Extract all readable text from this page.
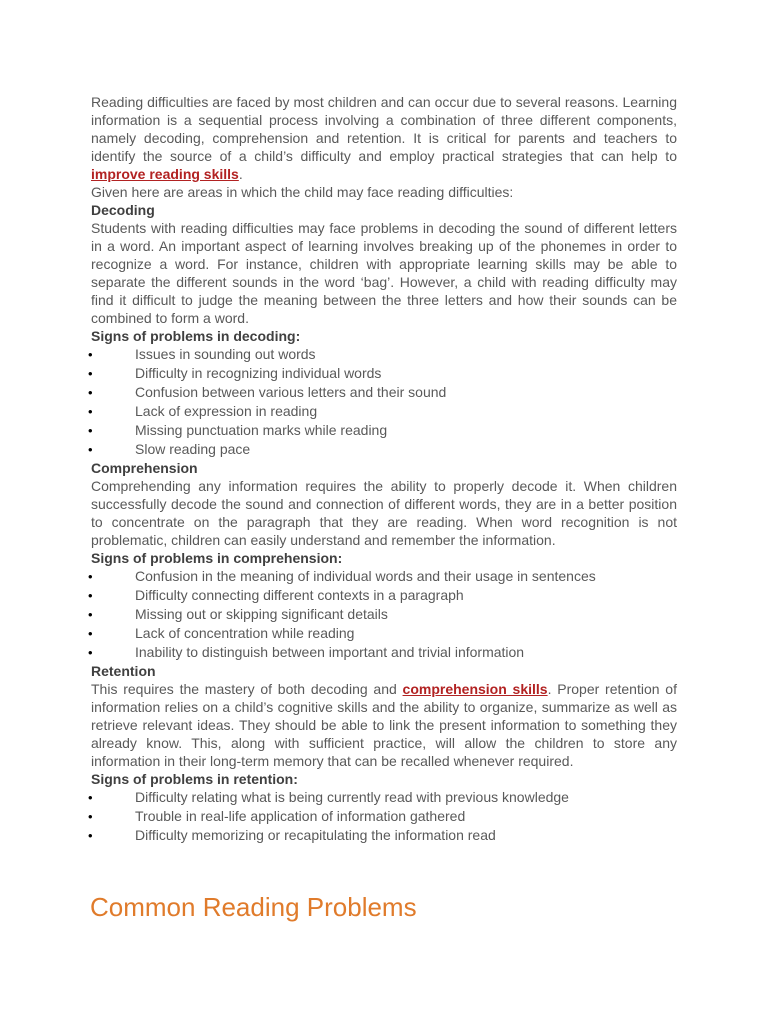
Reading difficulties are faced by most children and can occur due to several reasons. Learning information is a sequential process involving a combination of three different components, namely decoding, comprehension and retention. It is critical for parents and teachers to identify the source of a child’s difficulty and employ practical strategies that can help to improve reading skills.

Given here are areas in which the child may face reading difficulties:

Decoding

Students with reading difficulties may face problems in decoding the sound of different letters in a word. An important aspect of learning involves breaking up of the phonemes in order to recognize a word. For instance, children with appropriate learning skills may be able to separate the different sounds in the word ‘bag’. However, a child with reading difficulty may find it difficult to judge the meaning between the three letters and how their sounds can be combined to form a word.

Signs of problems in decoding:

•	Issues in sounding out words
•	Difficulty in recognizing individual words
•	Confusion between various letters and their sound
•	Lack of expression in reading
•	Missing punctuation marks while reading
•	Slow reading pace

Comprehension

Comprehending any information requires the ability to properly decode it. When children successfully decode the sound and connection of different words, they are in a better position to concentrate on the paragraph that they are reading. When word recognition is not problematic, children can easily understand and remember the information.

Signs of problems in comprehension:

•	Confusion in the meaning of individual words and their usage in sentences
•	Difficulty connecting different contexts in a paragraph
•	Missing out or skipping significant details
•	Lack of concentration while reading
•	Inability to distinguish between important and trivial information

Retention

This requires the mastery of both decoding and comprehension skills. Proper retention of information relies on a child’s cognitive skills and the ability to organize, summarize as well as retrieve relevant ideas. They should be able to link the present information to something they already know. This, along with sufficient practice, will allow the children to store any information in their long-term memory that can be recalled whenever required.

Signs of problems in retention:

•	Difficulty relating what is being currently read with previous knowledge
•	Trouble in real-life application of information gathered
•	Difficulty memorizing or recapitulating the information read
Common Reading Problems
